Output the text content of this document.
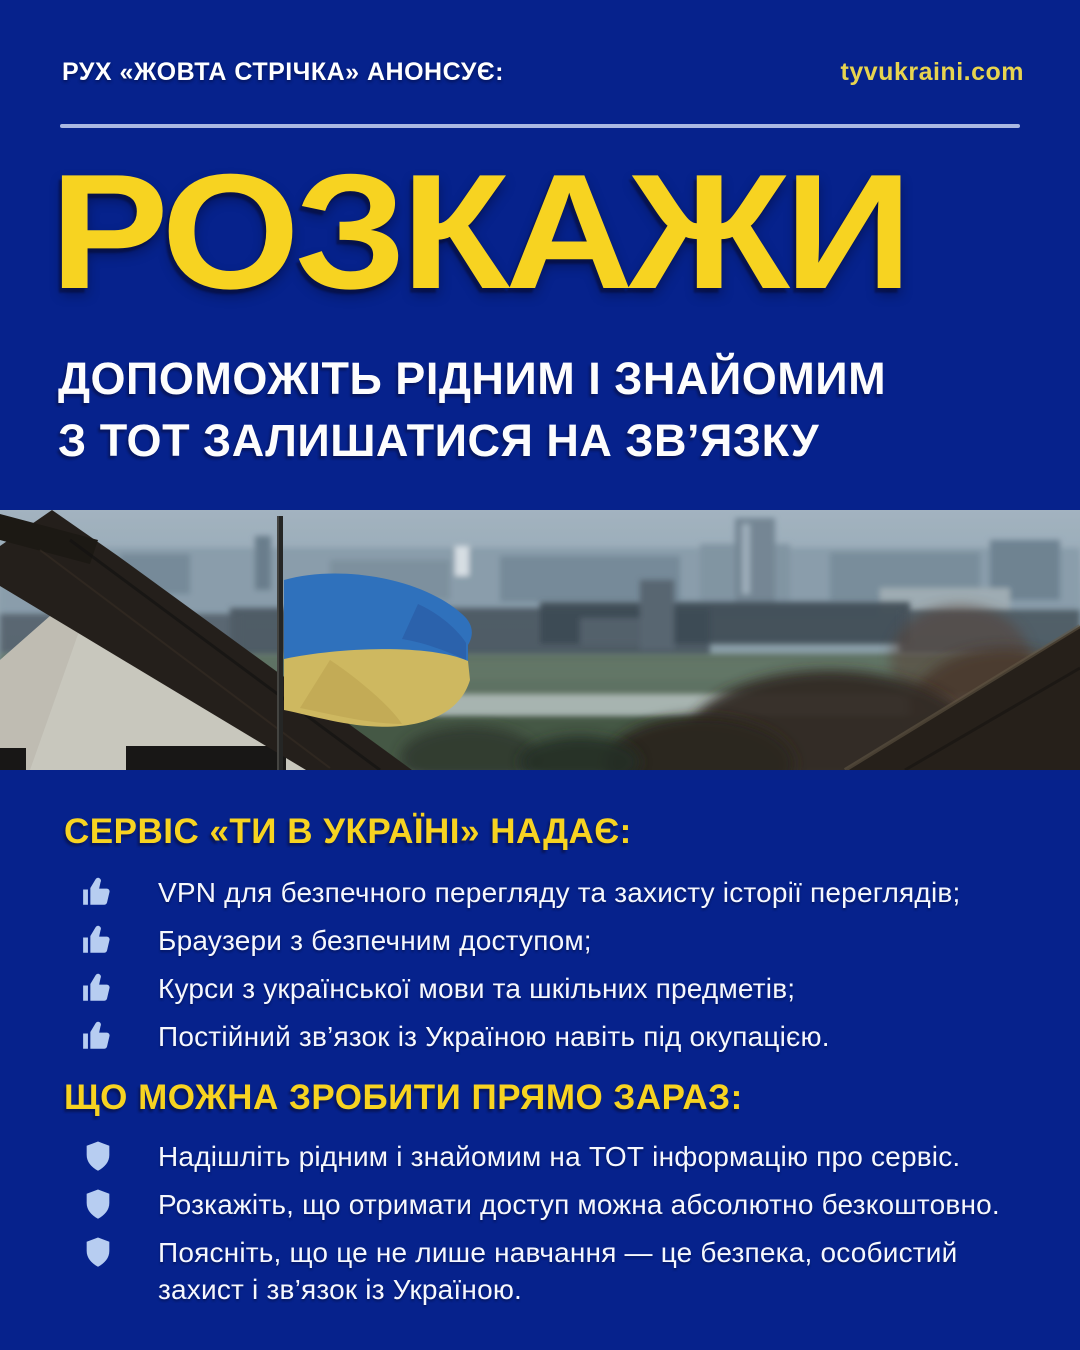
РУХ «ЖОВТА СТРІЧКА» АНОНСУЄ:	tyvukraini.com
РОЗКАЖИ
ДОПОМОЖІТЬ РІДНИМ І ЗНАЙОМИМ
З ТОТ ЗАЛИШАТИСЯ НА ЗВ’ЯЗКУ
СЕРВІС «ТИ В УКРАЇНІ» НАДАЄ:
VPN для безпечного перегляду та захисту історії переглядів;
Браузери з безпечним доступом;
Курси з української мови та шкільних предметів;
Постійний зв’язок із Україною навіть під окупацією.
ЩО МОЖНА ЗРОБИТИ ПРЯМО ЗАРАЗ:
Надішліть рідним і знайомим на ТОТ інформацію про сервіс.
Розкажіть, що отримати доступ можна абсолютно безкоштовно.
Поясніть, що це не лише навчання — це безпека, особистий захист і зв’язок із Україною.
